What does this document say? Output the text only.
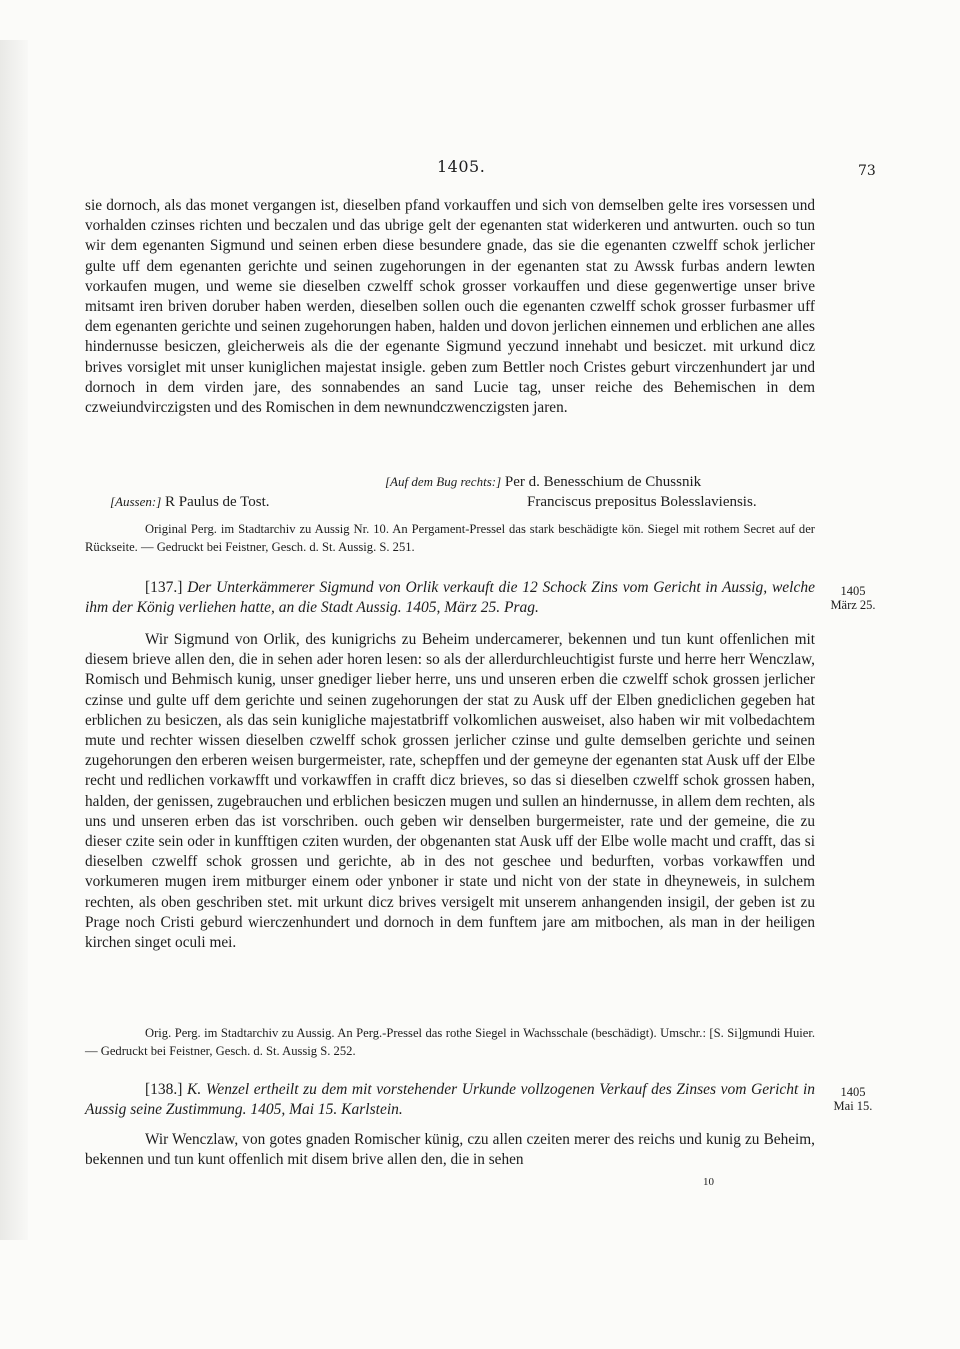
1405.	73

sie dornoch, als das monet vergangen ist, dieselben pfand vorkauffen und sich von demselben gelte ires vorsessen und vorhalden czinses richten und beczalen und das ubrige gelt der egenanten stat widerkeren und antwurten. ouch so tun wir dem egenanten Sigmund und seinen erben diese besundere gnade, das sie die egenanten czwelff schok jerlicher gulte uff dem egenanten gerichte und seinen zugehorungen in der egenanten stat zu Awssk furbas andern lewten vorkaufen mugen, und weme sie dieselben czwelff schok grosser vorkauffen und diese gegenwertige unser brive mitsamt iren briven doruber haben werden, dieselben sollen ouch die egenanten czwelff schok grosser furbasmer uff dem egenanten gerichte und seinen zugehorungen haben, halden und dovon jerlichen einnemen und erblichen ane alles hindernusse besiczen, gleicherweis als die der egenante Sigmund yeczund innehabt und besiczet. mit urkund dicz brives vorsiglet mit unser kuniglichen majestat insigle. geben zum Bettler noch Cristes geburt virczenhundert jar und dornoch in dem virden jare, des sonnabendes an sand Lucie tag, unser reiche des Behemischen in dem czweiundvirczigsten und des Romischen in dem newnundczwenczigsten jaren.

[Auf dem Bug rechts:] Per d. Benesschium de Chussnik
[Aussen:] R Paulus de Tost.	Franciscus prepositus Bolesslaviensis.
Original Perg. im Stadtarchiv zu Aussig Nr. 10. An Pergament-Pressel das stark beschädigte kön. Siegel mit rothem Secret auf der Rückseite. — Gedruckt bei Feistner, Gesch. d. St. Aussig. S. 251.
[137.] Der Unterkämmerer Sigmund von Orlik verkauft die 12 Schock Zins vom Gericht in Aussig, welche ihm der König verliehen hatte, an die Stadt Aussig. 1405, März 25. Prag.
1405
März 25.

Wir Sigmund von Orlik, des kunigrichs zu Beheim undercamerer, bekennen und tun kunt offenlichen mit diesem brieve allen den, die in sehen ader horen lesen: so als der allerdurchleuchtigist furste und herre herr Wenczlaw, Romisch und Behmisch kunig, unser gnediger lieber herre, uns und unseren erben die czwelff schok grossen jerlicher czinse und gulte uff dem gerichte und seinen zugehorungen der stat zu Ausk uff der Elben gnediclichen gegeben hat erblichen zu besiczen, als das sein kunigliche majestatbriff volkomlichen ausweiset, also haben wir mit volbedachtem mute und rechter wissen dieselben czwelff schok grossen jerlicher czinse und gulte demselben gerichte und seinen zugehorungen den erberen weisen burgermeister, rate, schepffen und der gemeyne der egenanten stat Ausk uff der Elbe recht und redlichen vorkawfft und vorkawffen in crafft dicz brieves, so das si dieselben czwelff schok grossen haben, halden, der genissen, zugebrauchen und erblichen besiczen mugen und sullen an hindernusse, in allem dem rechten, als uns und unseren erben das ist vorschriben. ouch geben wir denselben burgermeister, rate und der gemeine, die zu dieser czite sein oder in kunfftigen cziten wurden, der obgenanten stat Ausk uff der Elbe wolle macht und crafft, das si dieselben czwelff schok grossen und gerichte, ab in des not geschee und bedurften, vorbas vorkawffen und vorkumeren mugen irem mitburger einem oder ynboner ir state und nicht von der state in dheyneweis, in sulchem rechten, als oben geschriben stet. mit urkunt dicz brives versigelt mit unserem anhangenden insigil, der geben ist zu Prage noch Cristi geburd wierczenhundert und dornoch in dem funftem jare am mitbochen, als man in der heiligen kirchen singet oculi mei.

Orig. Perg. im Stadtarchiv zu Aussig. An Perg.-Pressel das rothe Siegel in Wachsschale (beschädigt). Umschr.: [S. Si]gmundi Huier. — Gedruckt bei Feistner, Gesch. d. St. Aussig S. 252.
[138.] K. Wenzel ertheilt zu dem mit vorstehender Urkunde vollzogenen Verkauf des Zinses vom Gericht in Aussig seine Zustimmung. 1405, Mai 15. Karlstein.
1405
Mai 15.

Wir Wenczlaw, von gotes gnaden Romischer künig, czu allen czeiten merer des reichs und kunig zu Beheim, bekennen und tun kunt offenlich mit disem brive allen den, die in sehen

10
